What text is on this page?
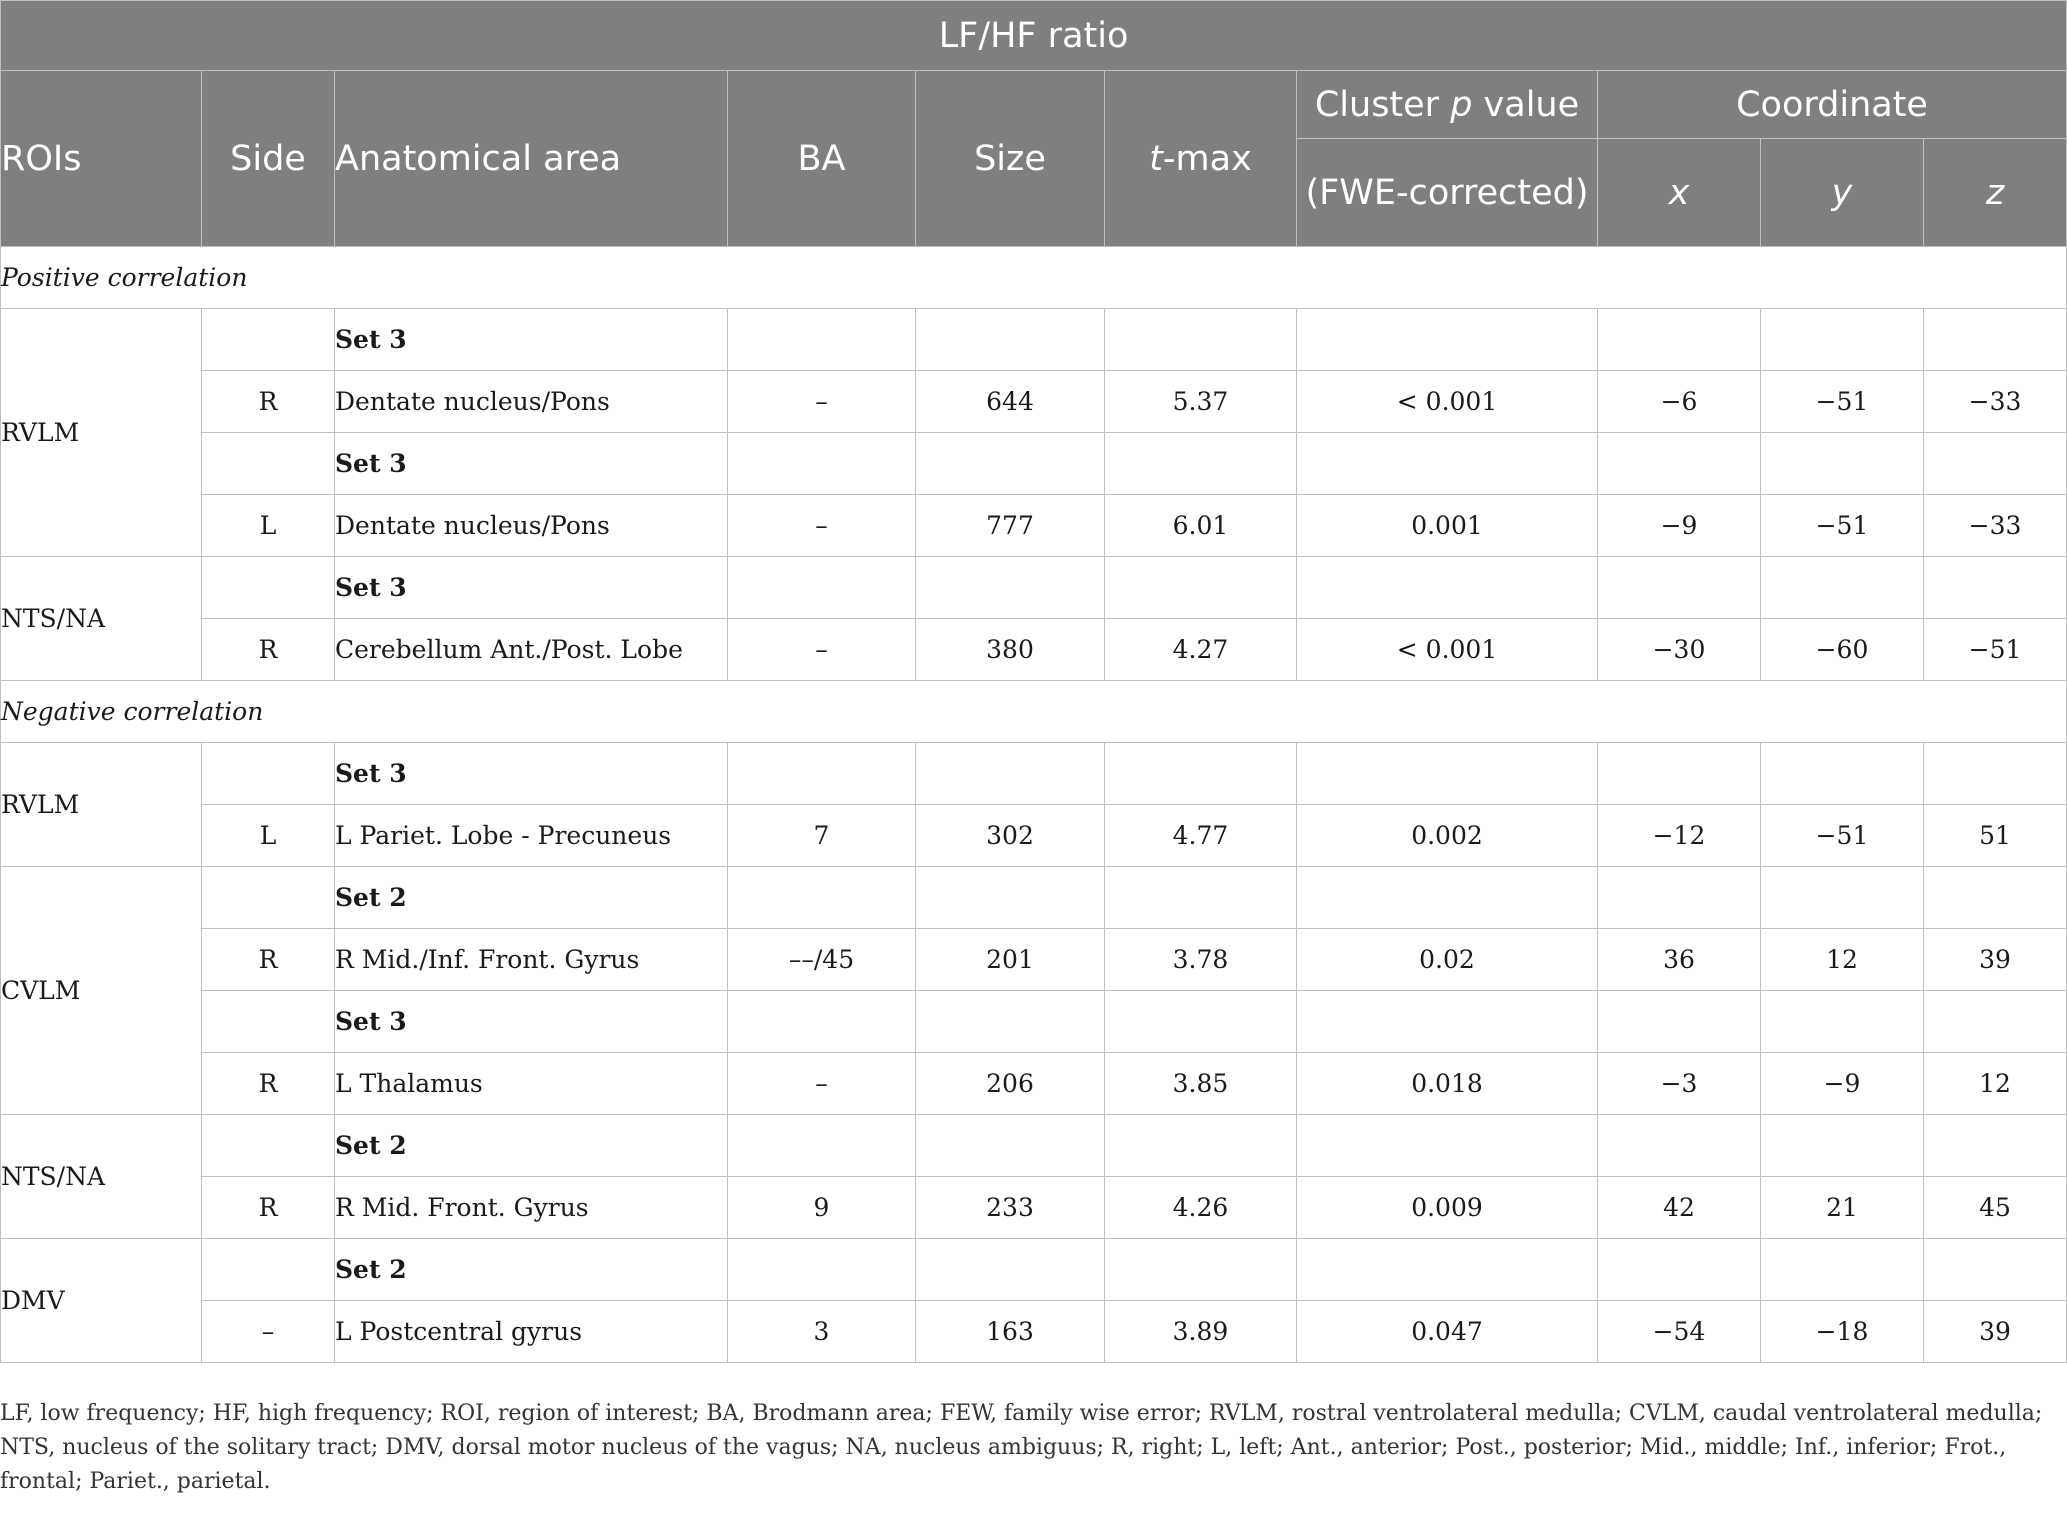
LF/HF ratio									
ROIs	Side	Anatomical area	BA	Size	t-max	Cluster p value	Coordinate		
						(FWE-corrected)	x	y	z
Positive correlation									
RVLM		Set 3							
	R	Dentate nucleus/Pons	–	644	5.37	< 0.001	−6	−51	−33
		Set 3							
	L	Dentate nucleus/Pons	–	777	6.01	0.001	−9	−51	−33
NTS/NA		Set 3							
	R	Cerebellum Ant./Post. Lobe	–	380	4.27	< 0.001	−30	−60	−51
Negative correlation									
RVLM		Set 3							
	L	L Pariet. Lobe - Precuneus	7	302	4.77	0.002	−12	−51	51
CVLM		Set 2							
	R	R Mid./Inf. Front. Gyrus	––/45	201	3.78	0.02	36	12	39
		Set 3							
	R	L Thalamus	–	206	3.85	0.018	−3	−9	12
NTS/NA		Set 2							
	R	R Mid. Front. Gyrus	9	233	4.26	0.009	42	21	45
DMV		Set 2							
	–	L Postcentral gyrus	3	163	3.89	0.047	−54	−18	39
LF, low frequency; HF, high frequency; ROI, region of interest; BA, Brodmann area; FEW, family wise error; RVLM, rostral ventrolateral medulla; CVLM, caudal ventrolateral medulla; NTS, nucleus of the solitary tract; DMV, dorsal motor nucleus of the vagus; NA, nucleus ambiguus; R, right; L, left; Ant., anterior; Post., posterior; Mid., middle; Inf., inferior; Frot., frontal; Pariet., parietal.
